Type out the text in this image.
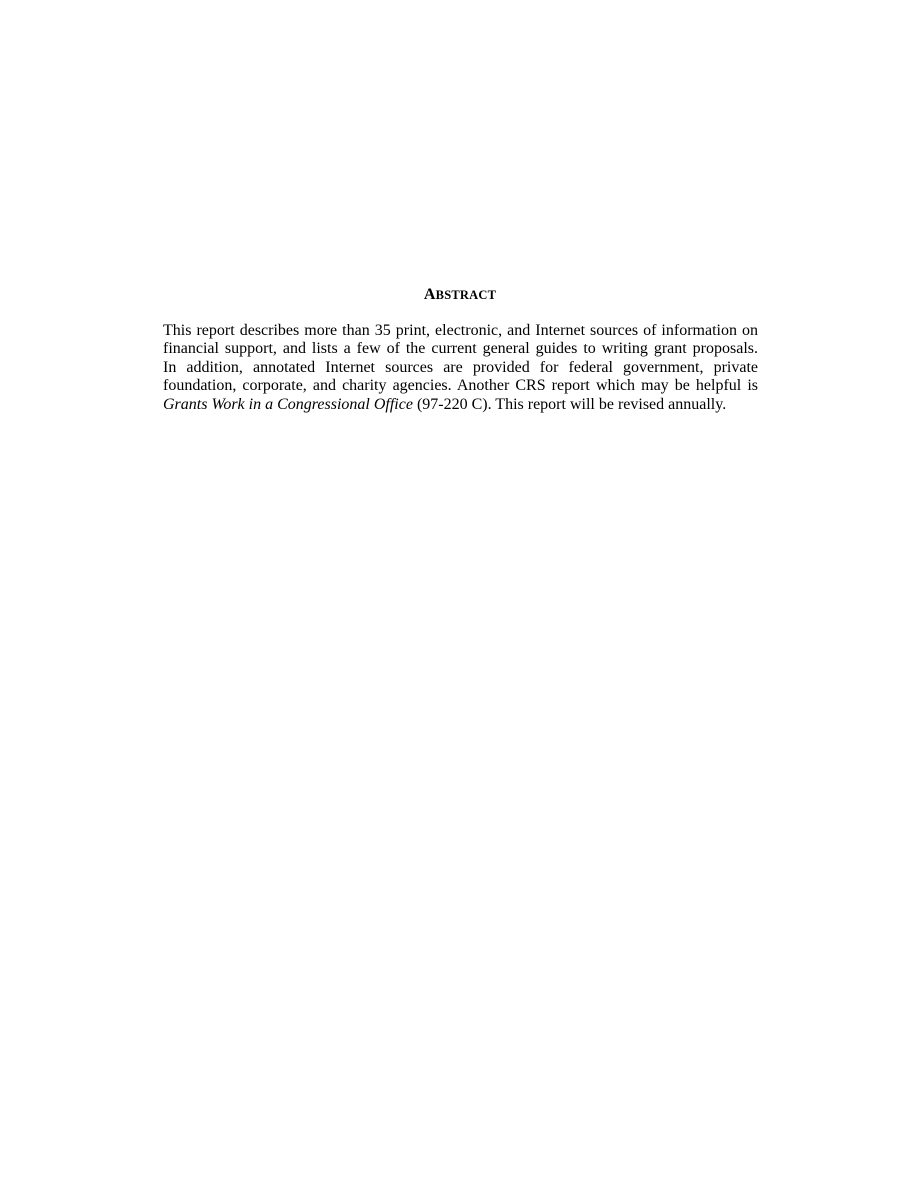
ABSTRACT
This report describes more than 35 print, electronic, and Internet sources of information on
financial support, and lists a few of the current general guides to writing grant proposals.
In addition, annotated Internet sources are provided for federal government, private
foundation, corporate, and charity agencies. Another CRS report which may be helpful is
Grants Work in a Congressional Office (97-220 C). This report will be revised annually.
